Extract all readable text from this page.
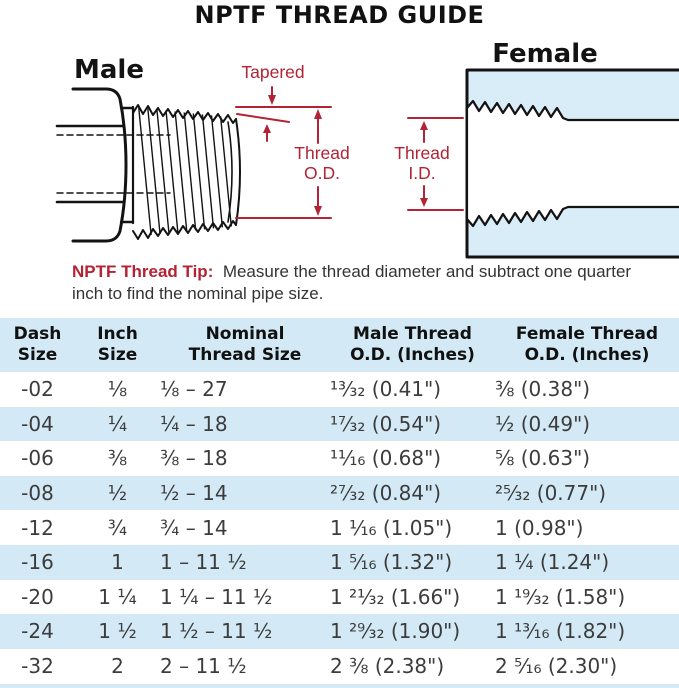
NPTF THREAD GUIDE
Male
Female
Tapered
Thread
O.D.
Thread
I.D.
NPTF Thread Tip: Measure the thread diameter and subtract one quarter inch to find the nominal pipe size.
Dash
Size

Inch
Size

Nominal
Thread Size

Male Thread
O.D. (Inches)

Female Thread
O.D. (Inches)

-02	⅛	⅛ – 27	¹³⁄₃₂ (0.41")	⅜ (0.38")
-04	¼	¼ – 18	¹⁷⁄₃₂ (0.54")	½ (0.49")
-06	⅜	⅜ – 18	¹¹⁄₁₆ (0.68")	⅝ (0.63")
-08	½	½ – 14	²⁷⁄₃₂ (0.84")	²⁵⁄₃₂ (0.77")
-12	¾	¾ – 14	1 ¹⁄₁₆ (1.05")	1 (0.98")
-16	1	1 – 11 ½	1 ⁵⁄₁₆ (1.32")	1 ¼ (1.24")
-20	1 ¼	1 ¼ – 11 ½	1 ²¹⁄₃₂ (1.66")	1 ¹⁹⁄₃₂ (1.58")
-24	1 ½	1 ½ – 11 ½	1 ²⁹⁄₃₂ (1.90")	1 ¹³⁄₁₆ (1.82")
-32	2	2 – 11 ½	2 ⅜ (2.38")	2 ⁵⁄₁₆ (2.30")
